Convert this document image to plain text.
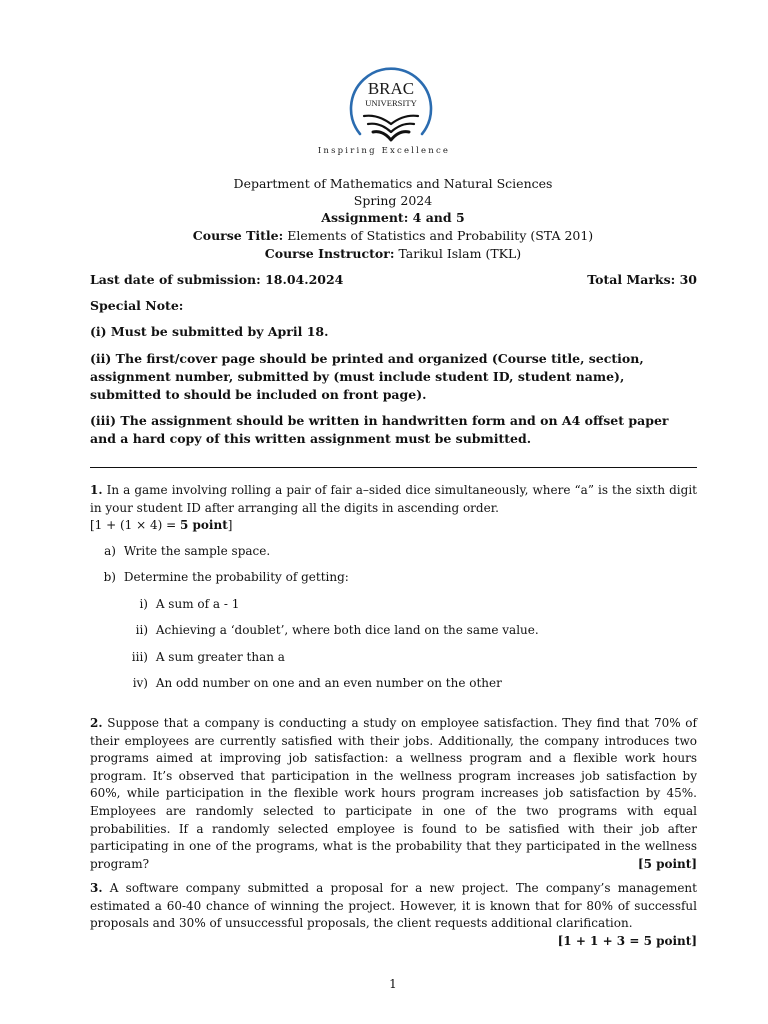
BRAC
UNIVERSITY
Inspiring Excellence
Department of Mathematics and Natural Sciences
Spring 2024
Assignment: 4 and 5
Course Title: Elements of Statistics and Probability (STA 201)
Course Instructor: Tarikul Islam (TKL)
Last date of submission: 18.04.2024	Total Marks: 30
Special Note:
(i) Must be submitted by April 18.
(ii) The first/cover page should be printed and organized (Course title, section, assignment number, submitted by (must include student ID, student name), submitted to should be included on front page).
(iii) The assignment should be written in handwritten form and on A4 offset paper and a hard copy of this written assignment must be submitted.
1. In a game involving rolling a pair of fair a–sided dice simultaneously, where “a” is the sixth digit in your student ID after arranging all the digits in ascending order.
[1 + (1 × 4) = 5 point]
a) Write the sample space.
b) Determine the probability of getting:
i) A sum of a - 1
ii) Achieving a ‘doublet’, where both dice land on the same value.
iii) A sum greater than a
iv) An odd number on one and an even number on the other
2. Suppose that a company is conducting a study on employee satisfaction. They find that 70% of their employees are currently satisfied with their jobs. Additionally, the company introduces two programs aimed at improving job satisfaction: a wellness program and a flexible work hours program. It’s observed that participation in the wellness program increases job satisfaction by 60%, while participation in the flexible work hours program increases job satisfaction by 45%. Employees are randomly selected to participate in one of the two programs with equal probabilities. If a randomly selected employee is found to be satisfied with their job after participating in one of the programs, what is the probability that they participated in the wellness program?	[5 point]
3. A software company submitted a proposal for a new project. The company’s management estimated a 60-40 chance of winning the project. However, it is known that for 80% of successful proposals and 30% of unsuccessful proposals, the client requests additional clarification.
[1 + 1 + 3 = 5 point]
1
